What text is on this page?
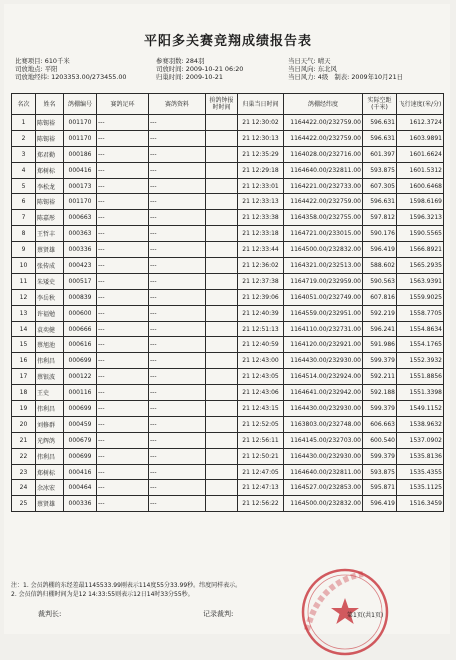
平阳多关赛竞翔成绩报告表
比赛项目: 610千米
司放地点: 平阳
司放地经纬: 1203353.00/273455.00
参赛羽数: 284羽
司放时间: 2009-10-21 06:20
归巢时间: 2009-10-21
当日天气: 晴天
当日风向: 东北风
当日风力: 4级 制表: 2009年10月21日
名次	姓名	鸽棚编号	赛鸽足环	赛鸽资料	拚鸽钟报时时间	归巢当日时间	鸽棚经纬度	实际空距(千米)	飞行速度(米/分)
1	陈锡裕	001170	---	---		21 12:30:02	1164422.00/232759.00	596.631	1612.3724
2	陈锡裕	001170	---	---		21 12:30:13	1164422.00/232759.00	596.631	1603.9891
3	郑君勤	000186	---	---		21 12:35:29	1164028.00/232716.00	601.397	1601.6624
4	郑树标	000416	---	---		21 12:29:18	1164640.00/232811.00	593.875	1601.5312
5	李松龙	000173	---	---		21 12:33:01	1164221.00/232733.00	607.305	1600.6468
6	陈锡裕	001170	---	---		21 12:33:13	1164422.00/232759.00	596.631	1598.6169
7	陈嘉彤	000663	---	---		21 12:33:38	1164358.00/232755.00	597.812	1596.3213
8	王哲丰	000363	---	---		21 12:33:18	1164721.00/233015.00	590.176	1590.5565
9	蔡贤雄	000336	---	---		21 12:33:44	1164500.00/232832.00	596.419	1566.8921
10	张传成	000423	---	---		21 12:36:02	1164321.00/232513.00	588.602	1565.2935
11	朱矮史	000517	---	---		21 12:37:38	1164719.00/232959.00	590.563	1563.9391
12	李岳秋	000839	---	---		21 12:39:06	1164051.00/232749.00	607.816	1559.9025
13	许福勉	000600	---	---		21 12:40:39	1164559.00/232951.00	592.219	1558.7705
14	袁奕健	000666	---	---		21 12:51:13	1164110.00/232731.00	596.241	1554.8634
15	蔡旭池	000616	---	---		21 12:40:59	1164120.00/232921.00	591.986	1554.1765
16	伟利昌	000699	---	---		21 12:43:00	1164430.00/232930.00	599.379	1552.3932
17	蔡银波	000122	---	---		21 12:43:05	1164514.00/232924.00	592.211	1551.8856
18	王史	000116	---	---		21 12:43:06	1164641.00/232942.00	592.188	1551.3398
19	伟利昌	000699	---	---		21 12:43:15	1164430.00/232930.00	599.379	1549.1152
20	刘修群	000459	---	---		21 12:52:05	1163803.00/232748.00	606.663	1538.9632
21	光辉鸽	000679	---	---		21 12:56:11	1164145.00/232703.00	600.540	1537.0902
22	伟利昌	000699	---	---		21 12:50:21	1164430.00/232930.00	599.379	1535.8136
23	郑树标	000416	---	---		21 12:47:05	1164640.00/232811.00	593.875	1535.4355
24	余冰宏	000464	---	---		21 12:47:13	1164527.00/232853.00	595.871	1535.1125
25	蔡贤雄	000336	---	---		21 12:56:22	1164500.00/232832.00	596.419	1516.3459
注：1. 会员鸽棚的东经差最1145533.99刚表示114度55分33.99秒。纬度同样表示。
2. 会员信鸽归棚时间为是12 14:33:55则表示12日14时33分55秒。
裁判长:	记录裁判:	第1页(共1页)
